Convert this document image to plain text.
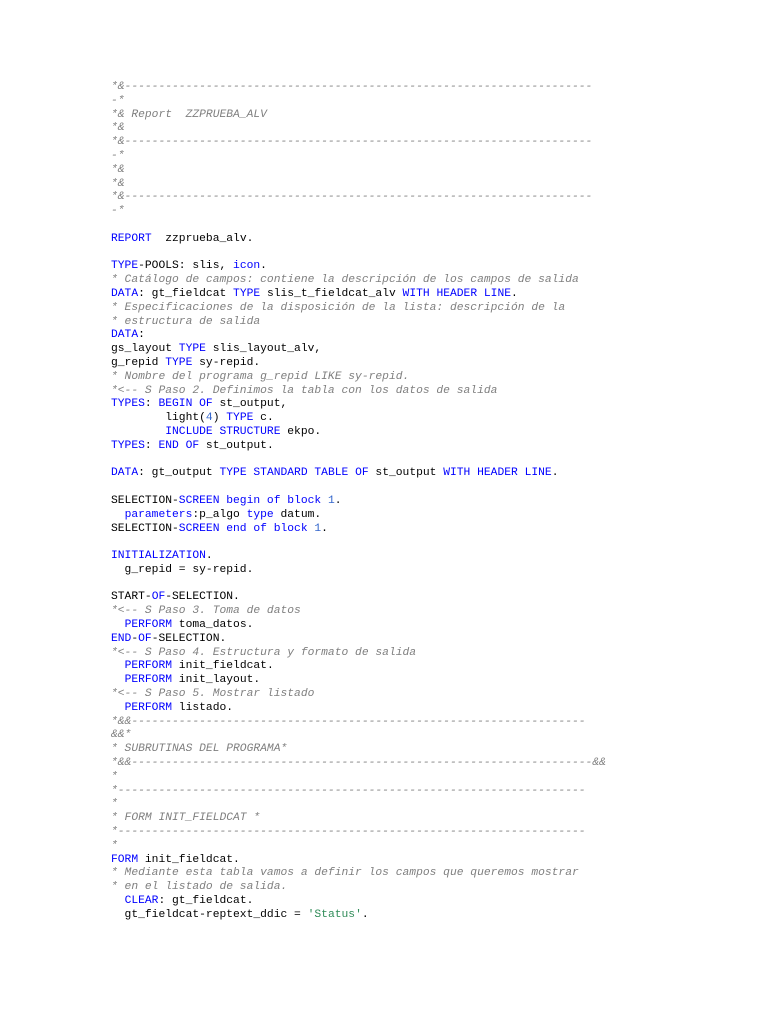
*&---------------------------------------------------------------------
-*
*& Report  ZZPRUEBA_ALV
*&
*&---------------------------------------------------------------------
-*
*&
*&
*&---------------------------------------------------------------------
-*
REPORT  zzprueba_alv.
TYPE-POOLS: slis, icon.
* Catálogo de campos: contiene la descripción de los campos de salida
DATA: gt_fieldcat TYPE slis_t_fieldcat_alv WITH HEADER LINE.
* Especificaciones de la disposición de la lista: descripción de la
* estructura de salida
DATA:
gs_layout TYPE slis_layout_alv,
g_repid TYPE sy-repid.
* Nombre del programa g_repid LIKE sy-repid.
*<-- S Paso 2. Definimos la tabla con los datos de salida
TYPES: BEGIN OF st_output,
light(4) TYPE c.
INCLUDE STRUCTURE ekpo.
TYPES: END OF st_output.
DATA: gt_output TYPE STANDARD TABLE OF st_output WITH HEADER LINE.
SELECTION-SCREEN begin of block 1.
parameters:p_algo type datum.
SELECTION-SCREEN end of block 1.
INITIALIZATION.
g_repid = sy-repid.
START-OF-SELECTION.
*<-- S Paso 3. Toma de datos
PERFORM toma_datos.
END-OF-SELECTION.
*<-- S Paso 4. Estructura y formato de salida
PERFORM init_fieldcat.
PERFORM init_layout.
*<-- S Paso 5. Mostrar listado
PERFORM listado.
*&&-------------------------------------------------------------------
&&*
* SUBRUTINAS DEL PROGRAMA*
*&&--------------------------------------------------------------------&&
*
*---------------------------------------------------------------------
*
* FORM INIT_FIELDCAT *
*---------------------------------------------------------------------
*
FORM init_fieldcat.
* Mediante esta tabla vamos a definir los campos que queremos mostrar
* en el listado de salida.
CLEAR: gt_fieldcat.
gt_fieldcat-reptext_ddic = 'Status'.
